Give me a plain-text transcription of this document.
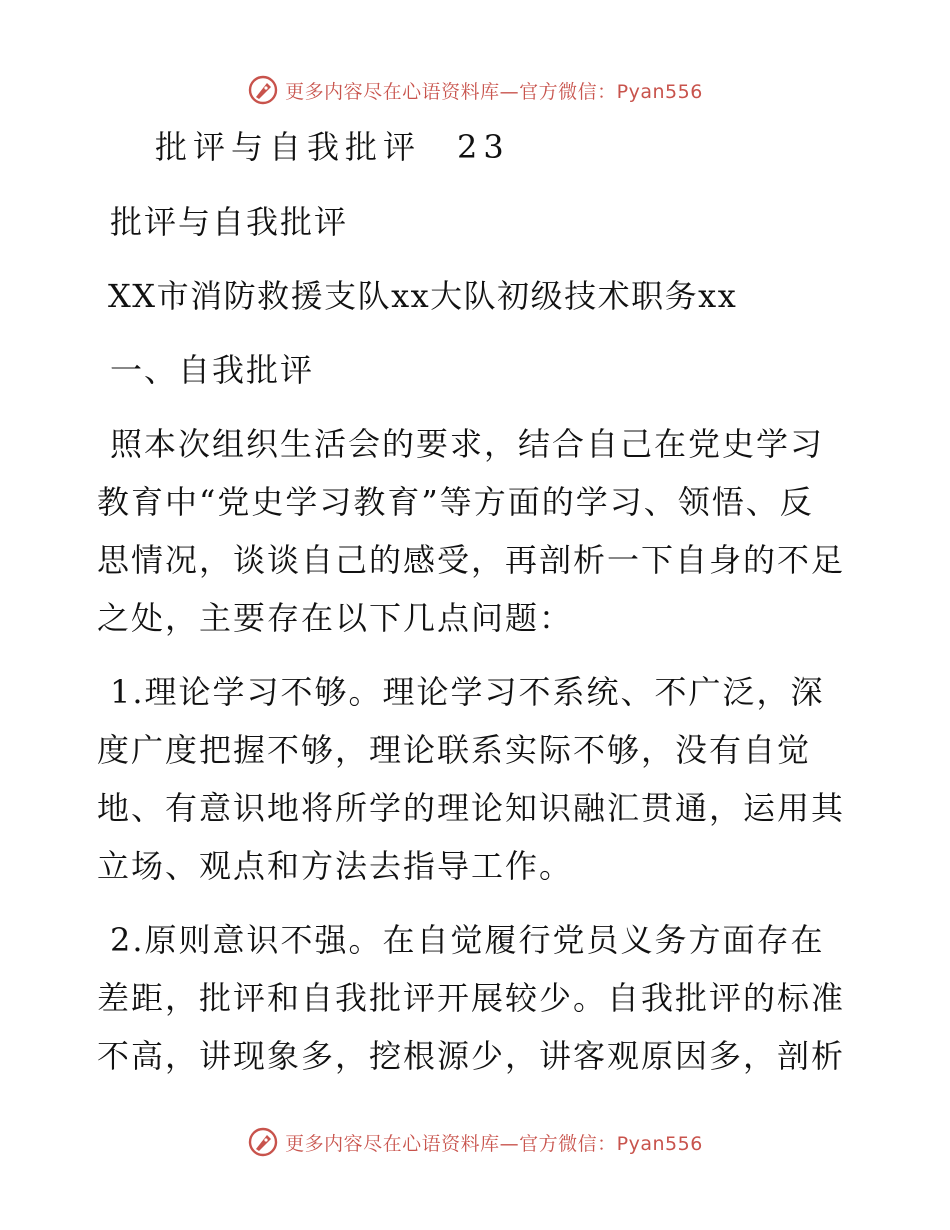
更多内容尽在心语资料库—官方微信：Pyan556

批评与自我批评 23

批评与自我批评

XX市消防救援支队xx大队初级技术职务xx

一、自我批评

照本次组织生活会的要求，结合自己在党史学习

教育中“党史学习教育”等方面的学习、领悟、反

思情况，谈谈自己的感受，再剖析一下自身的不足

之处，主要存在以下几点问题：

1.理论学习不够。理论学习不系统、不广泛，深

度广度把握不够，理论联系实际不够，没有自觉

地、有意识地将所学的理论知识融汇贯通，运用其

立场、观点和方法去指导工作。

2.原则意识不强。在自觉履行党员义务方面存在

差距，批评和自我批评开展较少。自我批评的标准

不高，讲现象多，挖根源少，讲客观原因多，剖析

更多内容尽在心语资料库—官方微信：Pyan556
